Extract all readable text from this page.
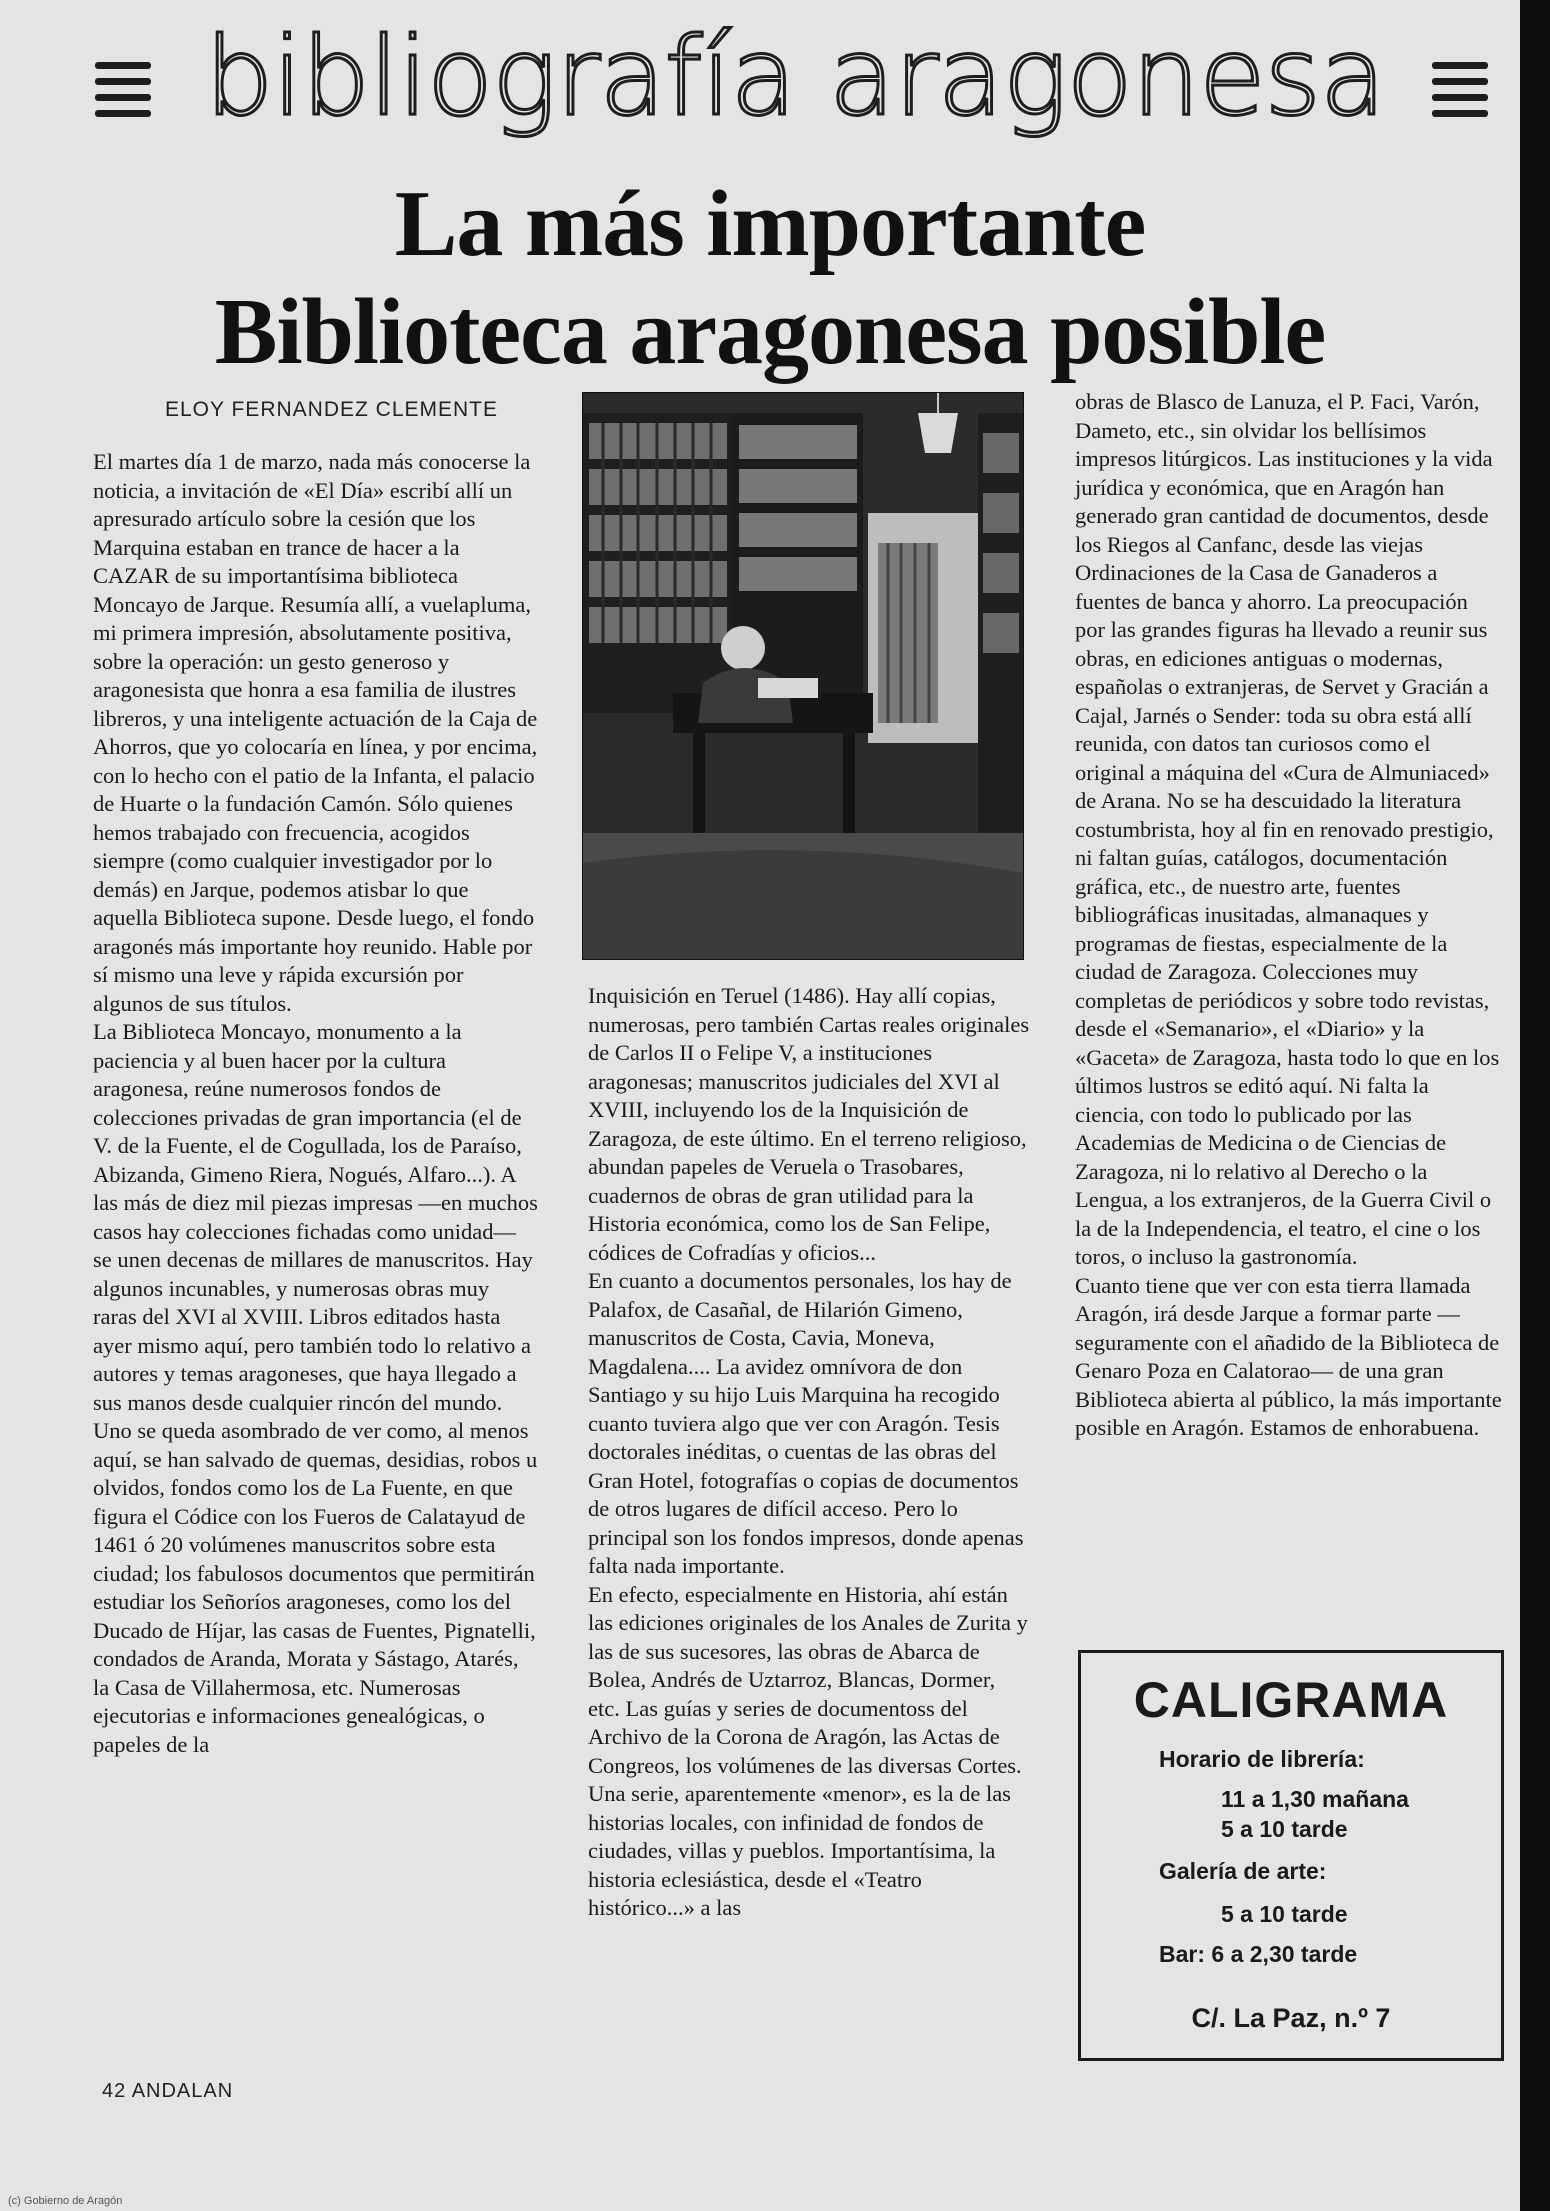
bibliografía aragonesa
La más importante
Biblioteca aragonesa posible
ELOY FERNANDEZ CLEMENTE

El martes día 1 de marzo, nada más conocerse la noticia, a invitación de «El Día» escribí allí un apresurado artículo sobre la cesión que los Marquina estaban en trance de hacer a la CAZAR de su importantísima biblioteca Moncayo de Jarque. Resumía allí, a vuelapluma, mi primera impresión, absolutamente positiva, sobre la operación: un gesto generoso y aragonesista que honra a esa familia de ilustres libreros, y una inteligente actuación de la Caja de Ahorros, que yo colocaría en línea, y por encima, con lo hecho con el patio de la Infanta, el palacio de Huarte o la fundación Camón. Sólo quienes hemos trabajado con frecuencia, acogidos siempre (como cualquier investigador por lo demás) en Jarque, podemos atisbar lo que aquella Biblioteca supone. Desde luego, el fondo aragonés más importante hoy reunido. Hable por sí mismo una leve y rápida excursión por algunos de sus títulos.

La Biblioteca Moncayo, monumento a la paciencia y al buen hacer por la cultura aragonesa, reúne numerosos fondos de colecciones privadas de gran importancia (el de V. de la Fuente, el de Cogullada, los de Paraíso, Abizanda, Gimeno Riera, Nogués, Alfaro...). A las más de diez mil piezas impresas —en muchos casos hay colecciones fichadas como unidad— se unen decenas de millares de manuscritos. Hay algunos incunables, y numerosas obras muy raras del XVI al XVIII. Libros editados hasta ayer mismo aquí, pero también todo lo relativo a autores y temas aragoneses, que haya llegado a sus manos desde cualquier rincón del mundo.

Uno se queda asombrado de ver como, al menos aquí, se han salvado de quemas, desidias, robos u olvidos, fondos como los de La Fuente, en que figura el Códice con los Fueros de Calatayud de 1461 ó 20 volúmenes manuscritos sobre esta ciudad; los fabulosos documentos que permitirán estudiar los Señoríos aragoneses, como los del Ducado de Híjar, las casas de Fuentes, Pignatelli, condados de Aranda, Morata y Sástago, Atarés, la Casa de Villahermosa, etc. Numerosas ejecutorias e informaciones genealógicas, o papeles de la

Inquisición en Teruel (1486). Hay allí copias, numerosas, pero también Cartas reales originales de Carlos II o Felipe V, a instituciones aragonesas; manuscritos judiciales del XVI al XVIII, incluyendo los de la Inquisición de Zaragoza, de este último. En el terreno religioso, abundan papeles de Veruela o Trasobares, cuadernos de obras de gran utilidad para la Historia económica, como los de San Felipe, códices de Cofradías y oficios...

En cuanto a documentos personales, los hay de Palafox, de Casañal, de Hilarión Gimeno, manuscritos de Costa, Cavia, Moneva, Magdalena.... La avidez omnívora de don Santiago y su hijo Luis Marquina ha recogido cuanto tuviera algo que ver con Aragón. Tesis doctorales inéditas, o cuentas de las obras del Gran Hotel, fotografías o copias de documentos de otros lugares de difícil acceso. Pero lo principal son los fondos impresos, donde apenas falta nada importante.

En efecto, especialmente en Historia, ahí están las ediciones originales de los Anales de Zurita y las de sus sucesores, las obras de Abarca de Bolea, Andrés de Uztarroz, Blancas, Dormer, etc. Las guías y series de documentoss del Archivo de la Corona de Aragón, las Actas de Congreos, los volúmenes de las diversas Cortes. Una serie, aparentemente «menor», es la de las historias locales, con infinidad de fondos de ciudades, villas y pueblos. Importantísima, la historia eclesiástica, desde el «Teatro histórico...» a las

obras de Blasco de Lanuza, el P. Faci, Varón, Dameto, etc., sin olvidar los bellísimos impresos litúrgicos. Las instituciones y la vida jurídica y económica, que en Aragón han generado gran cantidad de documentos, desde los Riegos al Canfanc, desde las viejas Ordinaciones de la Casa de Ganaderos a fuentes de banca y ahorro. La preocupación por las grandes figuras ha llevado a reunir sus obras, en ediciones antiguas o modernas, españolas o extranjeras, de Servet y Gracián a Cajal, Jarnés o Sender: toda su obra está allí reunida, con datos tan curiosos como el original a máquina del «Cura de Almuniaced» de Arana. No se ha descuidado la literatura costumbrista, hoy al fin en renovado prestigio, ni faltan guías, catálogos, documentación gráfica, etc., de nuestro arte, fuentes bibliográficas inusitadas, almanaques y programas de fiestas, especialmente de la ciudad de Zaragoza. Colecciones muy completas de periódicos y sobre todo revistas, desde el «Semanario», el «Diario» y la «Gaceta» de Zaragoza, hasta todo lo que en los últimos lustros se editó aquí. Ni falta la ciencia, con todo lo publicado por las Academias de Medicina o de Ciencias de Zaragoza, ni lo relativo al Derecho o la Lengua, a los extranjeros, de la Guerra Civil o la de la Independencia, el teatro, el cine o los toros, o incluso la gastronomía.

Cuanto tiene que ver con esta tierra llamada Aragón, irá desde Jarque a formar parte —seguramente con el añadido de la Biblioteca de Genaro Poza en Calatorao— de una gran Biblioteca abierta al público, la más importante posible en Aragón. Estamos de enhorabuena.

CALIGRAMA
Horario de librería:
11 a 1,30 mañana
5 a 10 tarde
Galería de arte:
5 a 10 tarde
Bar: 6 a 2,30 tarde
C/. La Paz, n.º 7
42 ANDALAN
(c) Gobierno de Aragón
